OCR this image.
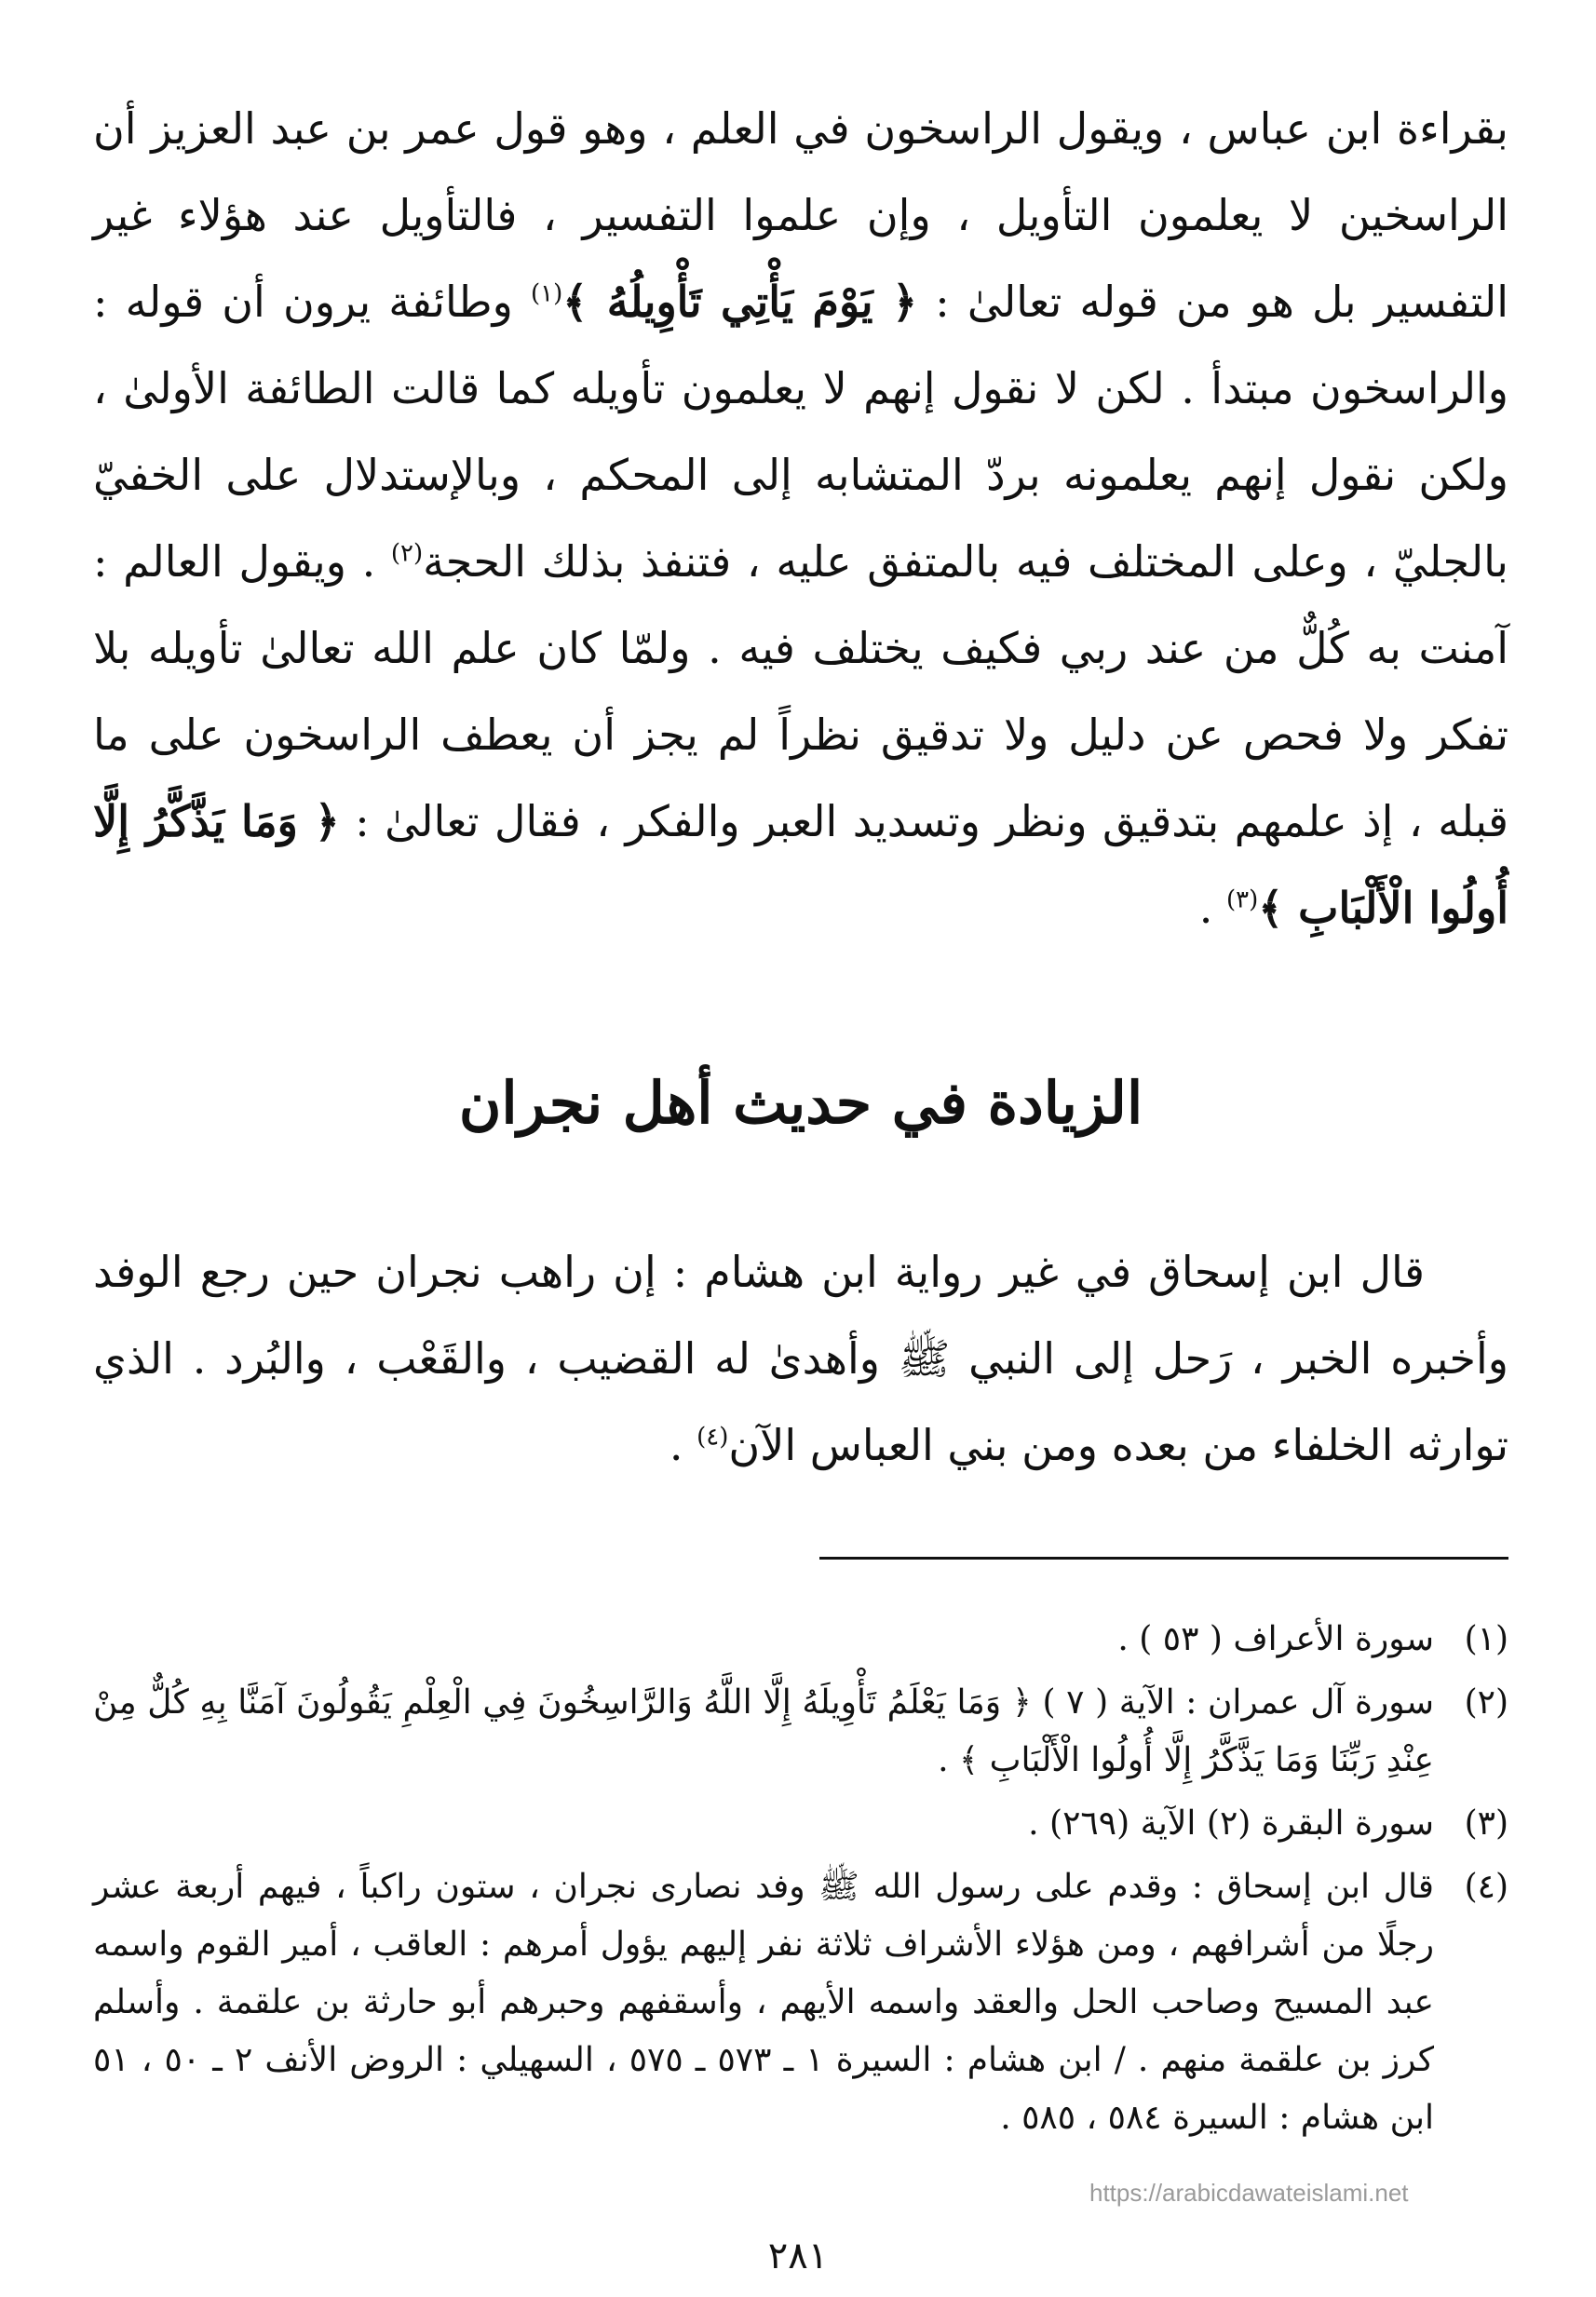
بقراءة ابن عباس ، ويقول الراسخون في العلم ، وهو قول عمر بن عبد العزيز أن الراسخين لا يعلمون التأويل ، وإن علموا التفسير ، فالتأويل عند هؤلاء غير التفسير بل هو من قوله تعالىٰ : ﴿ يَوْمَ يَأْتِي تَأْوِيلُهُ ﴾$^{(١)}$ وطائفة يرون أن قوله : والراسخون مبتدأ . لكن لا نقول إنهم لا يعلمون تأويله كما قالت الطائفة الأولىٰ ، ولكن نقول إنهم يعلمونه بردّ المتشابه إلى المحكم ، وبالإستدلال على الخفيّ بالجليّ ، وعلى المختلف فيه بالمتفق عليه ، فتنفذ بذلك الحجة$^{(٢)}$ . ويقول العالم : آمنت به كُلٌّ من عند ربي فكيف يختلف فيه . ولمّا كان علم الله تعالىٰ تأويله بلا تفكر ولا فحص عن دليل ولا تدقيق نظراً لم يجز أن يعطف الراسخون على ما قبله ، إذ علمهم بتدقيق ونظر وتسديد العبر والفكر ، فقال تعالىٰ : ﴿ وَمَا يَذَّكَّرُ إِلَّا أُولُوا الْأَلْبَابِ ﴾$^{(٣)}$ .

الزيادة في حديث أهل نجران

قال ابن إسحاق في غير رواية ابن هشام : إن راهب نجران حين رجع الوفد وأخبره الخبر ، رَحل إلى النبي ﷺ وأهدىٰ له القضيب ، والقَعْب ، والبُرد . الذي توارثه الخلفاء من بعده ومن بني العباس الآن$^{(٤)}$ .

(١)
سورة الأعراف ( ٥٣ ) .
(٢)
سورة آل عمران : الآية ( ٧ ) ﴿ وَمَا يَعْلَمُ تَأْوِيلَهُ إِلَّا اللَّهُ وَالرَّاسِخُونَ فِي الْعِلْمِ يَقُولُونَ آمَنَّا بِهِ كُلٌّ مِنْ عِنْدِ رَبِّنَا وَمَا يَذَّكَّرُ إِلَّا أُولُوا الْأَلْبَابِ ﴾ .
(٣)
سورة البقرة (٢) الآية (٢٦٩) .
(٤)
قال ابن إسحاق : وقدم على رسول الله ﷺ وفد نصارى نجران ، ستون راكباً ، فيهم أربعة عشر رجلًا من أشرافهم ، ومن هؤلاء الأشراف ثلاثة نفر إليهم يؤول أمرهم : العاقب ، أمير القوم واسمه عبد المسيح وصاحب الحل والعقد واسمه الأيهم ، وأسقفهم وحبرهم أبو حارثة بن علقمة . وأسلم كرز بن علقمة منهم . / ابن هشام : السيرة ١ ـ ٥٧٣ ـ ٥٧٥ ، السهيلي : الروض الأنف ٢ ـ ٥٠ ، ٥١ ابن هشام : السيرة ٥٨٤ ، ٥٨٥ .
https://arabicdawateislami.net
٢٨١
